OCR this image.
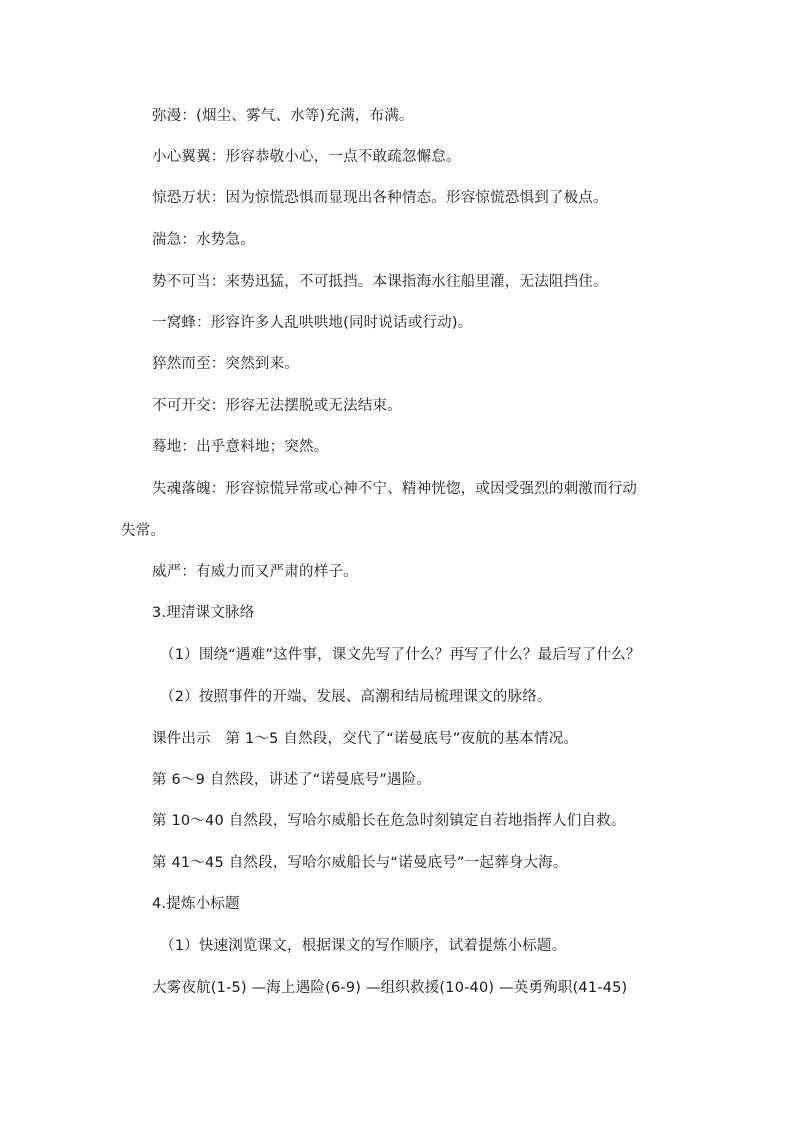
弥漫：(烟尘、雾气、水等)充满，布满。
小心翼翼：形容恭敬小心，一点不敢疏忽懈怠。
惊恐万状：因为惊慌恐惧而显现出各种情态。形容惊慌恐惧到了极点。
湍急：水势急。
势不可当：来势迅猛，不可抵挡。本课指海水往船里灌，无法阻挡住。
一窝蜂：形容许多人乱哄哄地(同时说话或行动)。
猝然而至：突然到来。
不可开交：形容无法摆脱或无法结束。
蓦地：出乎意料地；突然。
失魂落魄：形容惊慌异常或心神不宁、精神恍惚，或因受强烈的刺激而行动
失常。
威严：有威力而又严肃的样子。
3.理清课文脉络
（1）围绕“遇难”这件事，课文先写了什么？再写了什么？最后写了什么？
（2）按照事件的开端、发展、高潮和结局梳理课文的脉络。
课件出示　第 1～5 自然段，交代了“诺曼底号”夜航的基本情况。
第 6～9 自然段，讲述了“诺曼底号”遇险。
第 10～40 自然段，写哈尔威船长在危急时刻镇定自若地指挥人们自救。
第 41～45 自然段，写哈尔威船长与“诺曼底号”一起葬身大海。
4.提炼小标题
（1）快速浏览课文，根据课文的写作顺序，试着提炼小标题。
大雾夜航(1-5) —海上遇险(6-9) —组织救援(10-40) —英勇殉职(41-45)
